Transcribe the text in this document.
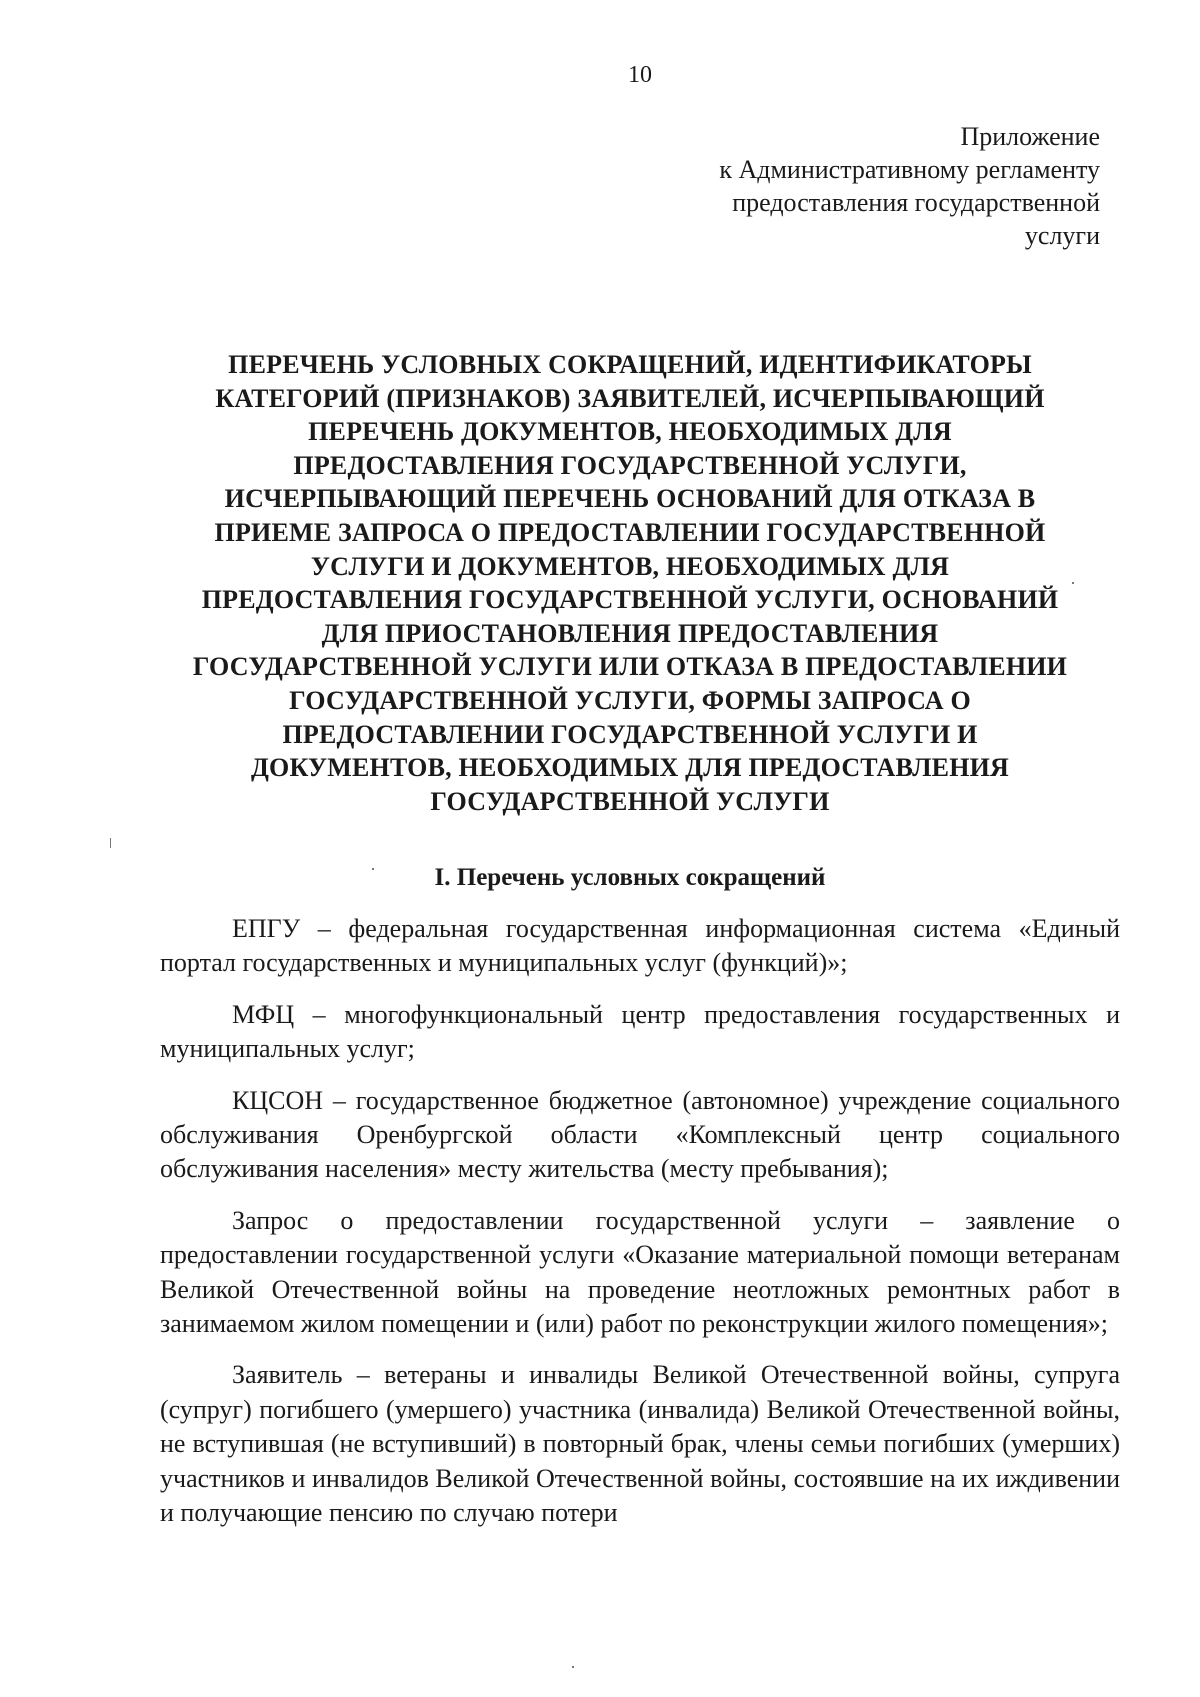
10
Приложение
к Административному регламенту
предоставления государственной
услуги
ПЕРЕЧЕНЬ УСЛОВНЫХ СОКРАЩЕНИЙ, ИДЕНТИФИКАТОРЫ
КАТЕГОРИЙ (ПРИЗНАКОВ) ЗАЯВИТЕЛЕЙ, ИСЧЕРПЫВАЮЩИЙ
ПЕРЕЧЕНЬ ДОКУМЕНТОВ, НЕОБХОДИМЫХ ДЛЯ
ПРЕДОСТАВЛЕНИЯ ГОСУДАРСТВЕННОЙ УСЛУГИ,
ИСЧЕРПЫВАЮЩИЙ ПЕРЕЧЕНЬ ОСНОВАНИЙ ДЛЯ ОТКАЗА В
ПРИЕМЕ ЗАПРОСА О ПРЕДОСТАВЛЕНИИ ГОСУДАРСТВЕННОЙ
УСЛУГИ И ДОКУМЕНТОВ, НЕОБХОДИМЫХ ДЛЯ
ПРЕДОСТАВЛЕНИЯ ГОСУДАРСТВЕННОЙ УСЛУГИ, ОСНОВАНИЙ
ДЛЯ ПРИОСТАНОВЛЕНИЯ ПРЕДОСТАВЛЕНИЯ
ГОСУДАРСТВЕННОЙ УСЛУГИ ИЛИ ОТКАЗА В ПРЕДОСТАВЛЕНИИ
ГОСУДАРСТВЕННОЙ УСЛУГИ, ФОРМЫ ЗАПРОСА О
ПРЕДОСТАВЛЕНИИ ГОСУДАРСТВЕННОЙ УСЛУГИ И
ДОКУМЕНТОВ, НЕОБХОДИМЫХ ДЛЯ ПРЕДОСТАВЛЕНИЯ
ГОСУДАРСТВЕННОЙ УСЛУГИ
I. Перечень условных сокращений

ЕПГУ – федеральная государственная информационная система «Единый портал государственных и муниципальных услуг (функций)»;

МФЦ – многофункциональный центр предоставления государственных и муниципальных услуг;

КЦСОН – государственное бюджетное (автономное) учреждение социального обслуживания Оренбургской области «Комплексный центр социального обслуживания населения» месту жительства (месту пребывания);

Запрос о предоставлении государственной услуги – заявление о предоставлении государственной услуги «Оказание материальной помощи ветеранам Великой Отечественной войны на проведение неотложных ремонтных работ в занимаемом жилом помещении и (или) работ по реконструкции жилого помещения»;

Заявитель – ветераны и инвалиды Великой Отечественной войны, супруга (супруг) погибшего (умершего) участника (инвалида) Великой Отечественной войны, не вступившая (не вступивший) в повторный брак, члены семьи погибших (умерших) участников и инвалидов Великой Отечественной войны, состоявшие на их иждивении и получающие пенсию по случаю потери
